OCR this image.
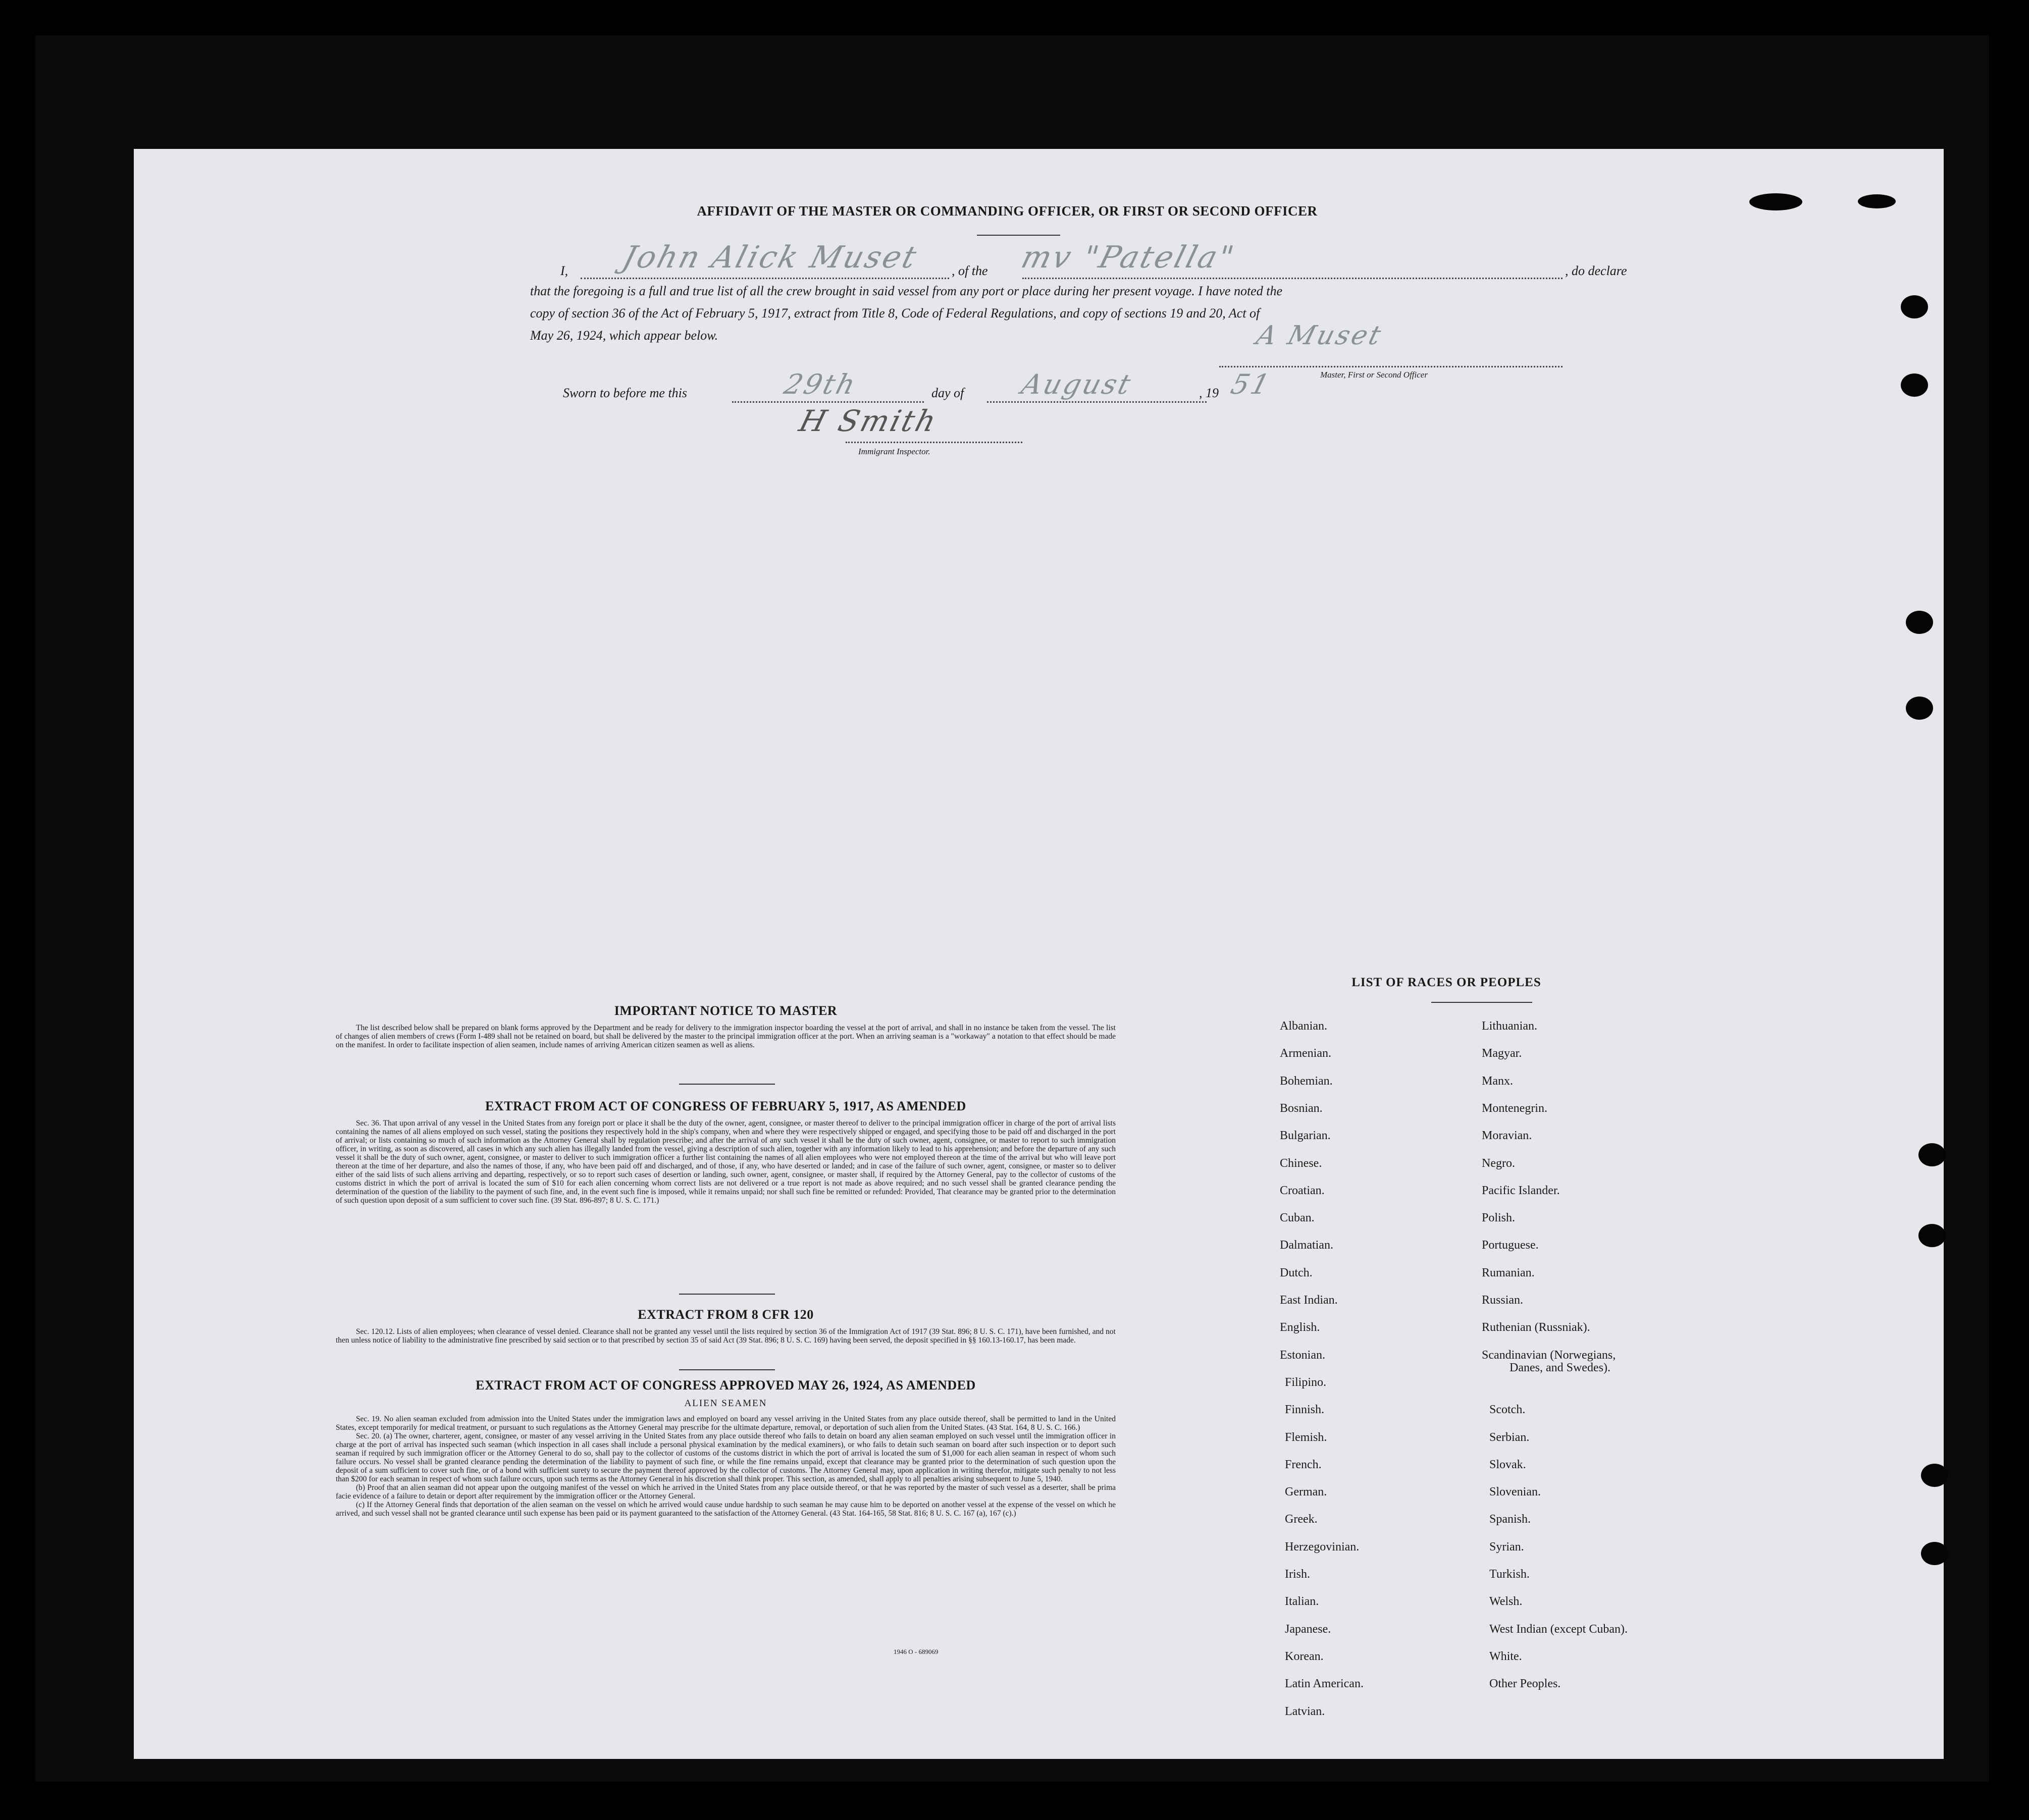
AFFIDAVIT OF THE MASTER OR COMMANDING OFFICER, OR FIRST OR SECOND OFFICER
I, John Alick Muset , of the mv "Patella"	, do declare
that the foregoing is a full and true list of all the crew brought in said vessel from any port or place during her present voyage. I have noted the
copy of section 36 of the Act of February 5, 1917, extract from Title 8, Code of Federal Regulations, and copy of sections 19 and 20, Act of
May 26, 1924, which appear below.	A Muset
Master, First or Second Officer
Sworn to before me this	29th	day of August	, 19 51
H Smith
Immigrant Inspector.
IMPORTANT NOTICE TO MASTER

The list described below shall be prepared on blank forms approved by the Department and be ready for delivery to the immigration inspector boarding the vessel at the port of arrival, and shall in no instance be taken from the vessel. The list of changes of alien members of crews (Form I-489 shall not be retained on board, but shall be delivered by the master to the principal immigration officer at the port. When an arriving seaman is a "workaway" a notation to that effect should be made on the manifest. In order to facilitate inspection of alien seamen, include names of arriving American citizen seamen as well as aliens.

EXTRACT FROM ACT OF CONGRESS OF FEBRUARY 5, 1917, AS AMENDED

Sec. 36. That upon arrival of any vessel in the United States from any foreign port or place it shall be the duty of the owner, agent, consignee, or master thereof to deliver to the principal immigration officer in charge of the port of arrival lists containing the names of all aliens employed on such vessel, stating the positions they respectively hold in the ship's company, when and where they were respectively shipped or engaged, and specifying those to be paid off and discharged in the port of arrival; or lists containing so much of such information as the Attorney General shall by regulation prescribe; and after the arrival of any such vessel it shall be the duty of such owner, agent, consignee, or master to report to such immigration officer, in writing, as soon as discovered, all cases in which any such alien has illegally landed from the vessel, giving a description of such alien, together with any information likely to lead to his apprehension; and before the departure of any such vessel it shall be the duty of such owner, agent, consignee, or master to deliver to such immigration officer a further list containing the names of all alien employees who were not employed thereon at the time of the arrival but who will leave port thereon at the time of her departure, and also the names of those, if any, who have been paid off and discharged, and of those, if any, who have deserted or landed; and in case of the failure of such owner, agent, consignee, or master so to deliver either of the said lists of such aliens arriving and departing, respectively, or so to report such cases of desertion or landing, such owner, agent, consignee, or master shall, if required by the Attorney General, pay to the collector of customs of the customs district in which the port of arrival is located the sum of $10 for each alien concerning whom correct lists are not delivered or a true report is not made as above required; and no such vessel shall be granted clearance pending the determination of the question of the liability to the payment of such fine, and, in the event such fine is imposed, while it remains unpaid; nor shall such fine be remitted or refunded: Provided, That clearance may be granted prior to the determination of such question upon deposit of a sum sufficient to cover such fine. (39 Stat. 896-897; 8 U. S. C. 171.)

EXTRACT FROM 8 CFR 120

Sec. 120.12. Lists of alien employees; when clearance of vessel denied. Clearance shall not be granted any vessel until the lists required by section 36 of the Immigration Act of 1917 (39 Stat. 896; 8 U. S. C. 171), have been furnished, and not then unless notice of liability to the administrative fine prescribed by said section or to that prescribed by section 35 of said Act (39 Stat. 896; 8 U. S. C. 169) having been served, the deposit specified in §§ 160.13-160.17, has been made.

EXTRACT FROM ACT OF CONGRESS APPROVED MAY 26, 1924, AS AMENDED
ALIEN SEAMEN

Sec. 19. No alien seaman excluded from admission into the United States under the immigration laws and employed on board any vessel arriving in the United States from any place outside thereof, shall be permitted to land in the United States, except temporarily for medical treatment, or pursuant to such regulations as the Attorney General may prescribe for the ultimate departure, removal, or deportation of such alien from the United States. (43 Stat. 164, 8 U. S. C. 166.)

Sec. 20. (a) The owner, charterer, agent, consignee, or master of any vessel arriving in the United States from any place outside thereof who fails to detain on board any alien seaman employed on such vessel until the immigration officer in charge at the port of arrival has inspected such seaman (which inspection in all cases shall include a personal physical examination by the medical examiners), or who fails to detain such seaman on board after such inspection or to deport such seaman if required by such immigration officer or the Attorney General to do so, shall pay to the collector of customs of the customs district in which the port of arrival is located the sum of $1,000 for each alien seaman in respect of whom such failure occurs. No vessel shall be granted clearance pending the determination of the liability to payment of such fine, or while the fine remains unpaid, except that clearance may be granted prior to the determination of such question upon the deposit of a sum sufficient to cover such fine, or of a bond with sufficient surety to secure the payment thereof approved by the collector of customs. The Attorney General may, upon application in writing therefor, mitigate such penalty to not less than $200 for each seaman in respect of whom such failure occurs, upon such terms as the Attorney General in his discretion shall think proper. This section, as amended, shall apply to all penalties arising subsequent to June 5, 1940.

(b) Proof that an alien seaman did not appear upon the outgoing manifest of the vessel on which he arrived in the United States from any place outside thereof, or that he was reported by the master of such vessel as a deserter, shall be prima facie evidence of a failure to detain or deport after requirement by the immigration officer or the Attorney General.

(c) If the Attorney General finds that deportation of the alien seaman on the vessel on which he arrived would cause undue hardship to such seaman he may cause him to be deported on another vessel at the expense of the vessel on which he arrived, and such vessel shall not be granted clearance until such expense has been paid or its payment guaranteed to the satisfaction of the Attorney General. (43 Stat. 164-165, 58 Stat. 816; 8 U. S. C. 167 (a), 167 (c).)

1946 O - 689069
LIST OF RACES OR PEOPLES
Albanian.
Armenian.
Bohemian.
Bosnian.
Bulgarian.
Chinese.
Croatian.
Cuban.
Dalmatian.
Dutch.
East Indian.
English.
Estonian.
Filipino.
Finnish.
Flemish.
French.
German.
Greek.
Herzegovinian.
Irish.
Italian.
Japanese.
Korean.
Latin American.
Latvian.
Lithuanian.
Magyar.
Manx.
Montenegrin.
Moravian.
Negro.
Pacific Islander.
Polish.
Portuguese.
Rumanian.
Russian.
Ruthenian (Russniak).
Scandinavian (Norwegians,
Scotch.
Serbian.
Slovak.
Slovenian.
Spanish.
Syrian.
Turkish.
Welsh.
West Indian (except Cuban).
White.
Other Peoples.
Danes, and Swedes).
